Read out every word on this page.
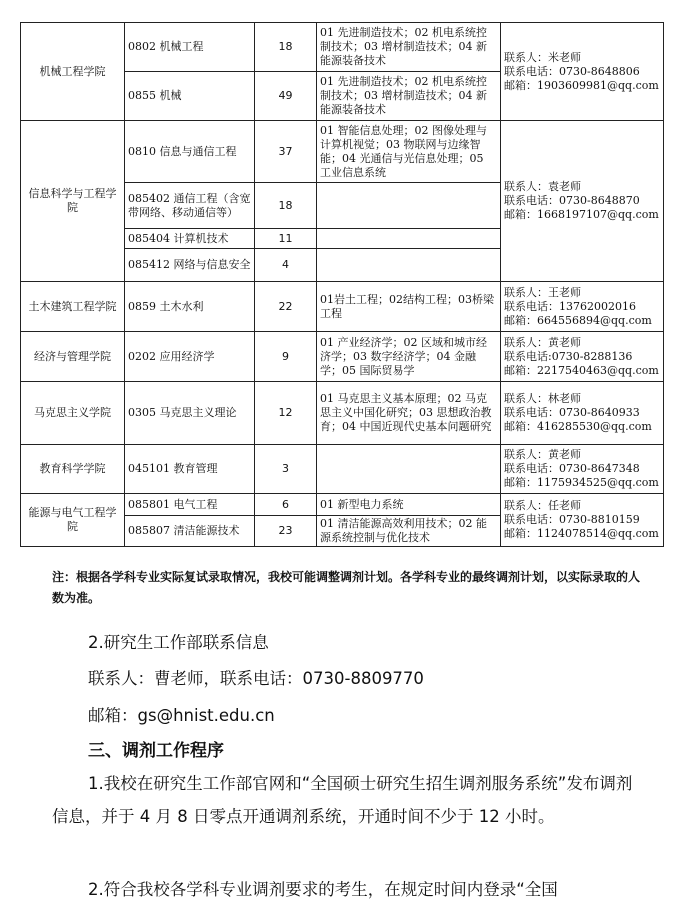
机械工程学院	0802 机械工程	18	01 先进制造技术；02 机电系统控制技术；03 增材制造技术；04 新能源装备技术	联系人：米老师
联系电话：0730-8648806
邮箱：1903609981@qq.com

	0855 机械	49	01 先进制造技术；02 机电系统控制技术；03 增材制造技术；04 新能源装备技术	
信息科学与工程学院	0810 信息与通信工程	37	01 智能信息处理；02 图像处理与计算机视觉；03 物联网与边缘智能；04 光通信与光信息处理；05 工业信息系统	联系人：袁老师
联系电话：0730-8648870
邮箱：1668197107@qq.com

	085402 通信工程（含宽带网络、移动通信等）	18		
	085404 计算机技术	11		
	085412 网络与信息安全	4		
土木建筑工程学院	0859 土木水利	22	01岩土工程；02结构工程；03桥梁工程	联系人：王老师
联系电话：13762002016
邮箱：664556894@qq.com

经济与管理学院	0202 应用经济学	9	01 产业经济学；02 区域和城市经济学；03 数字经济学；04 金融学；05 国际贸易学	联系人：黄老师
联系电话:0730-8288136
邮箱：2217540463@qq.com

马克思主义学院	0305 马克思主义理论	12	01 马克思主义基本原理；02 马克思主义中国化研究；03 思想政治教育；04 中国近现代史基本问题研究	联系人：林老师
联系电话：0730-8640933
邮箱：416285530@qq.com

教育科学学院	045101 教育管理	3		联系人：黄老师
联系电话：0730-8647348
邮箱：1175934525@qq.com

能源与电气工程学院	085801 电气工程	6	01 新型电力系统	联系人：任老师
联系电话：0730-8810159
邮箱：1124078514@qq.com

	085807 清洁能源技术	23	01 清洁能源高效利用技术；02 能源系统控制与优化技术	
注：根据各学科专业实际复试录取情况，我校可能调整调剂计划。各学科专业的最终调剂计划，以实际录取的人数为准。
2.研究生工作部联系信息
联系人：曹老师，联系电话：0730-8809770
邮箱：gs@hnist.edu.cn
三、调剂工作程序
1.我校在研究生工作部官网和“全国硕士研究生招生调剂服务系统”发布调剂信息，并于 4 月 8 日零点开通调剂系统，开通时间不少于 12 小时。
2.符合我校各学科专业调剂要求的考生，在规定时间内登录“全国
